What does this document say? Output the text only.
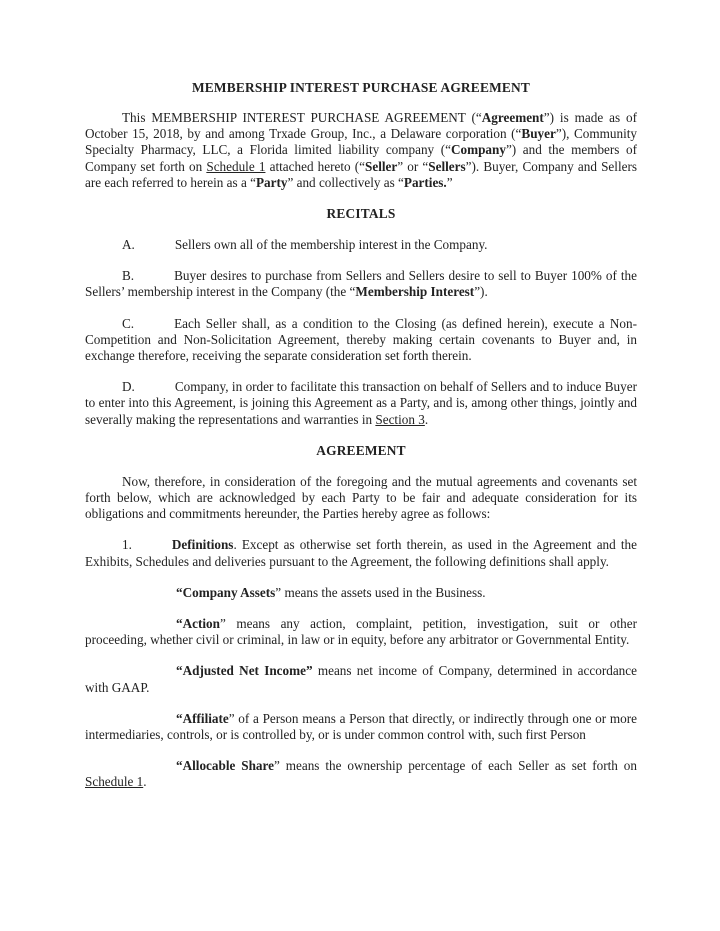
MEMBERSHIP INTEREST PURCHASE AGREEMENT

This MEMBERSHIP INTEREST PURCHASE AGREEMENT (“Agreement”) is made as of October 15, 2018, by and among Trxade Group, Inc., a Delaware corporation (“Buyer”), Community Specialty Pharmacy, LLC, a Florida limited liability company (“Company”) and the members of Company set forth on Schedule 1 attached hereto (“Seller” or “Sellers”). Buyer, Company and Sellers are each referred to herein as a “Party” and collectively as “Parties.”

RECITALS

A.	Sellers own all of the membership interest in the Company.

B.	Buyer desires to purchase from Sellers and Sellers desire to sell to Buyer 100% of the Sellers’ membership interest in the Company (the “Membership Interest”).

C.	Each Seller shall, as a condition to the Closing (as defined herein), execute a Non-Competition and Non-Solicitation Agreement, thereby making certain covenants to Buyer and, in exchange therefore, receiving the separate consideration set forth therein.

D.	Company, in order to facilitate this transaction on behalf of Sellers and to induce Buyer to enter into this Agreement, is joining this Agreement as a Party, and is, among other things, jointly and severally making the representations and warranties in Section 3.

AGREEMENT

Now, therefore, in consideration of the foregoing and the mutual agreements and covenants set forth below, which are acknowledged by each Party to be fair and adequate consideration for its obligations and commitments hereunder, the Parties hereby agree as follows:

1.	Definitions. Except as otherwise set forth therein, as used in the Agreement and the Exhibits, Schedules and deliveries pursuant to the Agreement, the following definitions shall apply.

“Company Assets” means the assets used in the Business.

“Action” means any action, complaint, petition, investigation, suit or other proceeding, whether civil or criminal, in law or in equity, before any arbitrator or Governmental Entity.

“Adjusted Net Income” means net income of Company, determined in accordance with GAAP.

“Affiliate” of a Person means a Person that directly, or indirectly through one or more intermediaries, controls, or is controlled by, or is under common control with, such first Person

“Allocable Share” means the ownership percentage of each Seller as set forth on Schedule 1.
